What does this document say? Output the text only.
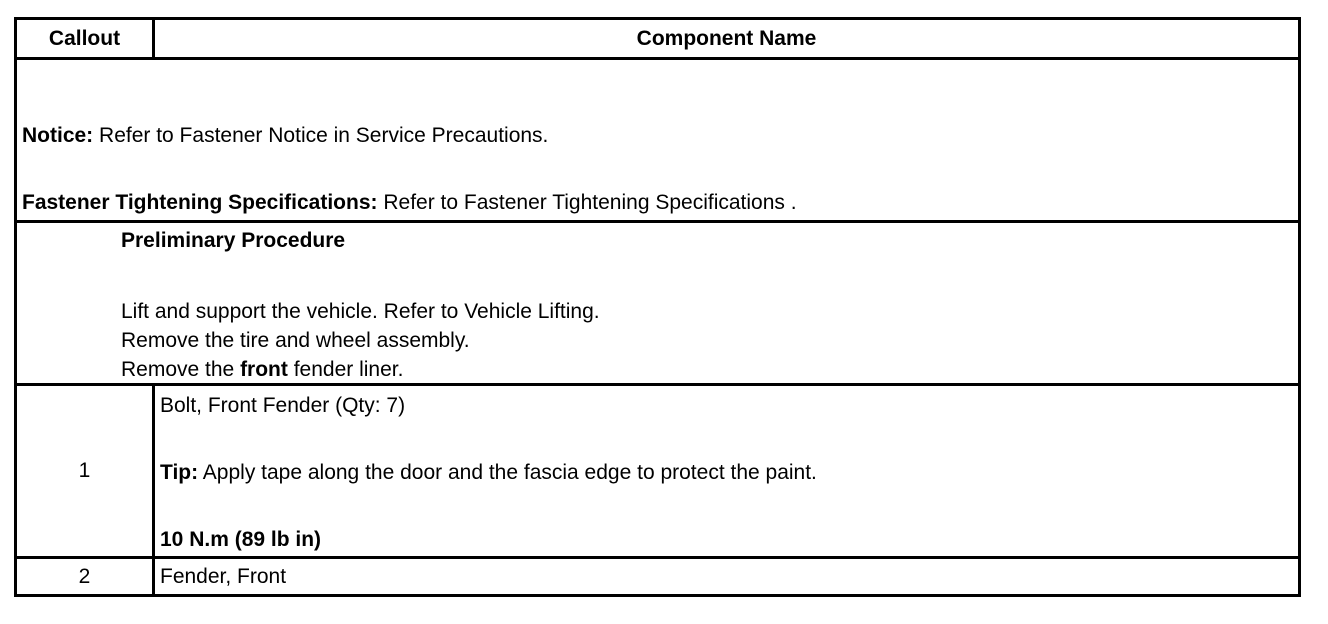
Callout	Component Name

Notice: Refer to Fastener Notice in Service Precautions.
Fastener Tightening Specifications: Refer to Fastener Tightening Specifications .	

Preliminary Procedure
Lift and support the vehicle. Refer to Vehicle Lifting.
Remove the tire and wheel assembly.
Remove the front fender liner.	

1	Bolt, Front Fender (Qty: 7)
Tip: Apply tape along the door and the fascia edge to protect the paint.
10 N.m (89 lb in)

2	Fender, Front
